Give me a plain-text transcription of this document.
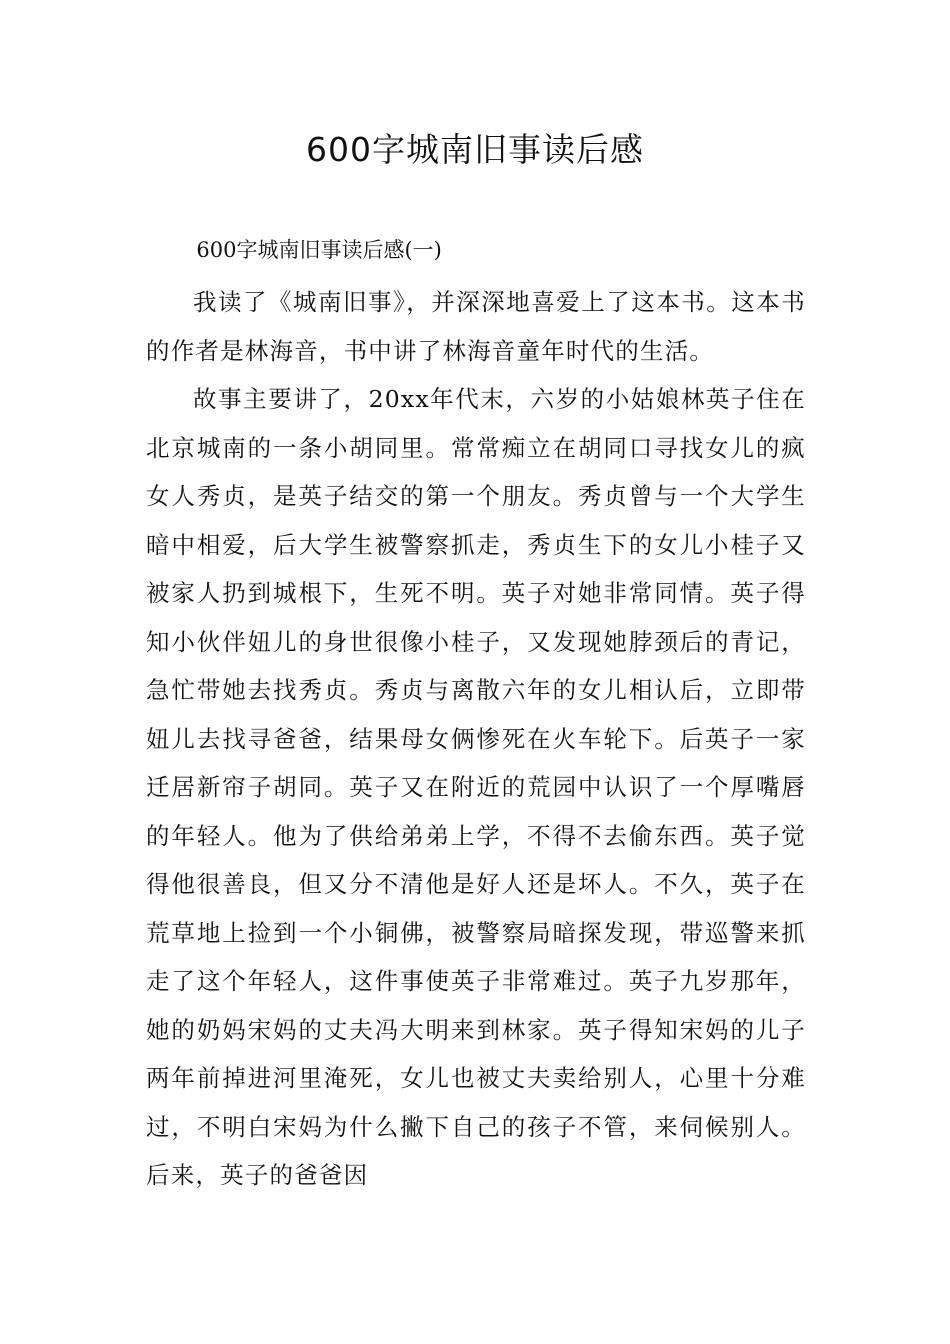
600字城南旧事读后感

600字城南旧事读后感(一)

我读了《城南旧事》，并深深地喜爱上了这本书。这本书的作者是林海音，书中讲了林海音童年时代的生活。

故事主要讲了，20xx年代末，六岁的小姑娘林英子住在北京城南的一条小胡同里。常常痴立在胡同口寻找女儿的疯女人秀贞，是英子结交的第一个朋友。秀贞曾与一个大学生暗中相爱，后大学生被警察抓走，秀贞生下的女儿小桂子又被家人扔到城根下，生死不明。英子对她非常同情。英子得知小伙伴妞儿的身世很像小桂子，又发现她脖颈后的青记，急忙带她去找秀贞。秀贞与离散六年的女儿相认后，立即带妞儿去找寻爸爸，结果母女俩惨死在火车轮下。后英子一家迁居新帘子胡同。英子又在附近的荒园中认识了一个厚嘴唇的年轻人。他为了供给弟弟上学，不得不去偷东西。英子觉得他很善良，但又分不清他是好人还是坏人。不久，英子在荒草地上捡到一个小铜佛，被警察局暗探发现，带巡警来抓走了这个年轻人，这件事使英子非常难过。英子九岁那年，她的奶妈宋妈的丈夫冯大明来到林家。英子得知宋妈的儿子两年前掉进河里淹死，女儿也被丈夫卖给别人，心里十分难过，不明白宋妈为什么撇下自己的孩子不管，来伺候别人。后来，英子的爸爸因
